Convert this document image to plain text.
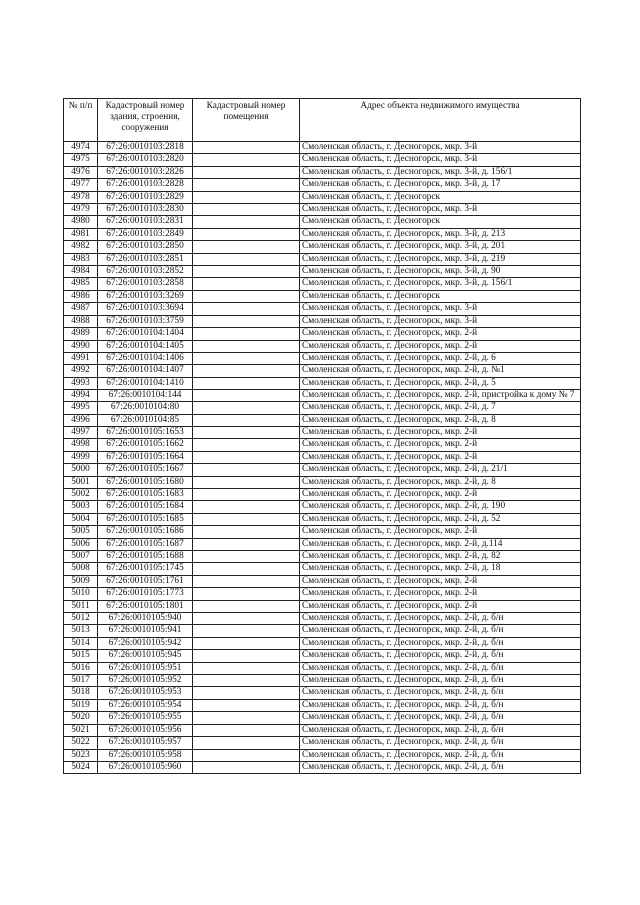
№ п/п	Кадастровый номер здания, строения, сооружения	Кадастровый номер помещения	Адрес объекта недвижимого имущества
4974	67:26:0010103:2818		Смоленская область, г. Десногорск, мкр. 3-й
4975	67:26:0010103:2820		Смоленская область, г. Десногорск, мкр. 3-й
4976	67:26:0010103:2826		Смоленская область, г. Десногорск, мкр. 3-й, д. 156/1
4977	67:26:0010103:2828		Смоленская область, г. Десногорск, мкр. 3-й, д. 17
4978	67:26:0010103:2829		Смоленская область, г. Десногорск
4979	67:26:0010103:2830		Смоленская область, г. Десногорск, мкр. 3-й
4980	67:26:0010103:2831		Смоленская область, г. Десногорск
4981	67:26:0010103:2849		Смоленская область, г. Десногорск, мкр. 3-й, д. 213
4982	67:26:0010103:2850		Смоленская область, г. Десногорск, мкр. 3-й, д. 201
4983	67:26:0010103:2851		Смоленская область, г. Десногорск, мкр. 3-й, д. 219
4984	67:26:0010103:2852		Смоленская область, г. Десногорск, мкр. 3-й, д. 90
4985	67:26:0010103:2858		Смоленская область, г. Десногорск, мкр. 3-й, д. 156/1
4986	67:26:0010103:3269		Смоленская область, г. Десногорск
4987	67:26:0010103:3694		Смоленская область, г. Десногорск, мкр. 3-й
4988	67:26:0010103:3759		Смоленская область, г. Десногорск, мкр. 3-й
4989	67:26:0010104:1404		Смоленская область, г. Десногорск, мкр. 2-й
4990	67:26:0010104:1405		Смоленская область, г. Десногорск, мкр. 2-й
4991	67:26:0010104:1406		Смоленская область, г. Десногорск, мкр. 2-й, д. 6
4992	67:26:0010104:1407		Смоленская область, г. Десногорск, мкр. 2-й, д. №1
4993	67:26:0010104:1410		Смоленская область, г. Десногорск, мкр. 2-й, д. 5
4994	67:26:0010104:144		Смоленская область, г. Десногорск, мкр. 2-й, пристройка к дому № 7
4995	67:26:0010104:80		Смоленская область, г. Десногорск, мкр. 2-й, д. 7
4996	67:26:0010104:85		Смоленская область, г. Десногорск, мкр. 2-й, д. 8
4997	67:26:0010105:1653		Смоленская область, г. Десногорск, мкр. 2-й
4998	67:26:0010105:1662		Смоленская область, г. Десногорск, мкр. 2-й
4999	67:26:0010105:1664		Смоленская область, г. Десногорск, мкр. 2-й
5000	67:26:0010105:1667		Смоленская область, г. Десногорск, мкр. 2-й, д. 21/1
5001	67:26:0010105:1680		Смоленская область, г. Десногорск, мкр. 2-й, д. 8
5002	67:26:0010105:1683		Смоленская область, г. Десногорск, мкр. 2-й
5003	67:26:0010105:1684		Смоленская область, г. Десногорск, мкр. 2-й, д. 190
5004	67:26:0010105:1685		Смоленская область, г. Десногорск, мкр. 2-й, д. 52
5005	67:26:0010105:1686		Смоленская область, г. Десногорск, мкр. 2-й
5006	67:26:0010105:1687		Смоленская область, г. Десногорск, мкр. 2-й, д.114
5007	67:26:0010105:1688		Смоленская область, г. Десногорск, мкр. 2-й, д. 82
5008	67:26:0010105:1745		Смоленская область, г. Десногорск, мкр. 2-й, д. 18
5009	67:26:0010105:1761		Смоленская область, г. Десногорск, мкр. 2-й
5010	67:26:0010105:1773		Смоленская область, г. Десногорск, мкр. 2-й
5011	67:26:0010105:1801		Смоленская область, г. Десногорск, мкр. 2-й
5012	67:26:0010105:940		Смоленская область, г. Десногорск, мкр. 2-й, д. б/н
5013	67:26:0010105:941		Смоленская область, г. Десногорск, мкр. 2-й, д. б/н
5014	67:26:0010105:942		Смоленская область, г. Десногорск, мкр. 2-й, д. б/н
5015	67:26:0010105:945		Смоленская область, г. Десногорск, мкр. 2-й, д. б/н
5016	67:26:0010105:951		Смоленская область, г. Десногорск, мкр. 2-й, д. б/н
5017	67:26:0010105:952		Смоленская область, г. Десногорск, мкр. 2-й, д. б/н
5018	67:26:0010105:953		Смоленская область, г. Десногорск, мкр. 2-й, д. б/н
5019	67:26:0010105:954		Смоленская область, г. Десногорск, мкр. 2-й, д. б/н
5020	67:26:0010105:955		Смоленская область, г. Десногорск, мкр. 2-й, д. б/н
5021	67:26:0010105:956		Смоленская область, г. Десногорск, мкр. 2-й, д. б/н
5022	67:26:0010105:957		Смоленская область, г. Десногорск, мкр. 2-й, д. б/н
5023	67:26:0010105:958		Смоленская область, г. Десногорск, мкр. 2-й, д. б/н
5024	67:26:0010105:960		Смоленская область, г. Десногорск, мкр. 2-й, д. б/н
